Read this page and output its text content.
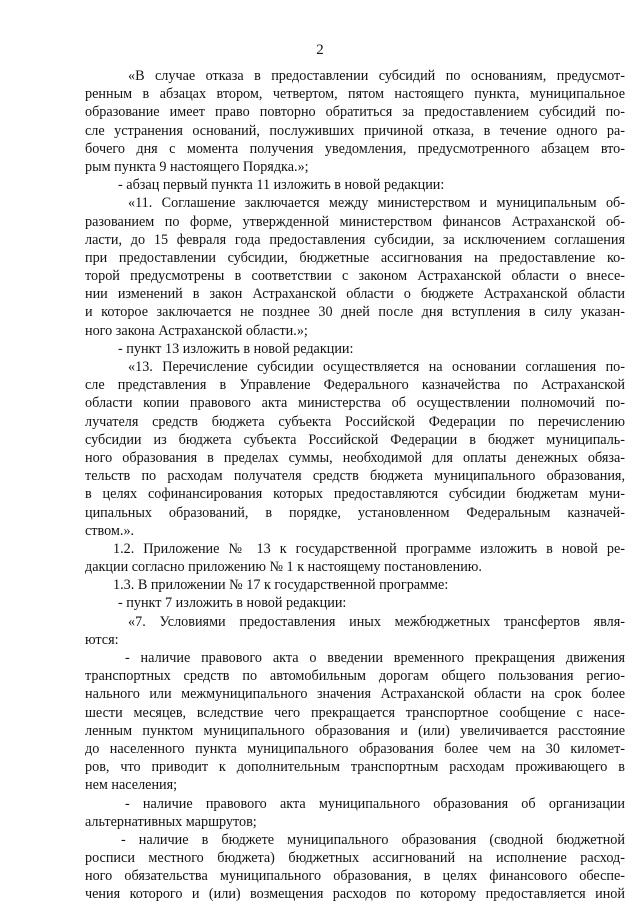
2
«В случае отказа в предоставлении субсидий по основаниям, предусмот-
ренным в абзацах втором, четвертом, пятом настоящего пункта, муниципальное
образование имеет право повторно обратиться за предоставлением субсидий по-
сле устранения оснований, послуживших причиной отказа, в течение одного ра-
бочего дня с момента получения уведомления, предусмотренного абзацем вто-
рым пункта 9 настоящего Порядка.»;
- абзац первый пункта 11 изложить в новой редакции:
«11. Соглашение заключается между министерством и муниципальным об-
разованием по форме, утвержденной министерством финансов Астраханской об-
ласти, до 15 февраля года предоставления субсидии, за исключением соглашения
при предоставлении субсидии, бюджетные ассигнования на предоставление ко-
торой предусмотрены в соответствии с законом Астраханской области о внесе-
нии изменений в закон Астраханской области о бюджете Астраханской области
и которое заключается не позднее 30 дней после дня вступления в силу указан-
ного закона Астраханской области.»;
- пункт 13 изложить в новой редакции:
«13. Перечисление субсидии осуществляется на основании соглашения по-
сле представления в Управление Федерального казначейства по Астраханской
области копии правового акта министерства об осуществлении полномочий по-
лучателя средств бюджета субъекта Российской Федерации по перечислению
субсидии из бюджета субъекта Российской Федерации в бюджет муниципаль-
ного образования в пределах суммы, необходимой для оплаты денежных обяза-
тельств по расходам получателя средств бюджета муниципального образования,
в целях софинансирования которых предоставляются субсидии бюджетам муни-
ципальных образований, в порядке, установленном Федеральным казначей-
ством.».
1.2. Приложение № 13 к государственной программе изложить в новой ре-
дакции согласно приложению № 1 к настоящему постановлению.
1.3. В приложении № 17 к государственной программе:
- пункт 7 изложить в новой редакции:
«7. Условиями предоставления иных межбюджетных трансфертов явля-
ются:
- наличие правового акта о введении временного прекращения движения
транспортных средств по автомобильным дорогам общего пользования регио-
нального или межмуниципального значения Астраханской области на срок более
шести месяцев, вследствие чего прекращается транспортное сообщение с насе-
ленным пунктом муниципального образования и (или) увеличивается расстояние
до населенного пункта муниципального образования более чем на 30 километ-
ров, что приводит к дополнительным транспортным расходам проживающего в
нем населения;
- наличие правового акта муниципального образования об организации
альтернативных маршрутов;
- наличие в бюджете муниципального образования (сводной бюджетной
росписи местного бюджета) бюджетных ассигнований на исполнение расход-
ного обязательства муниципального образования, в целях финансового обеспе-
чения которого и (или) возмещения расходов по которому предоставляется иной
